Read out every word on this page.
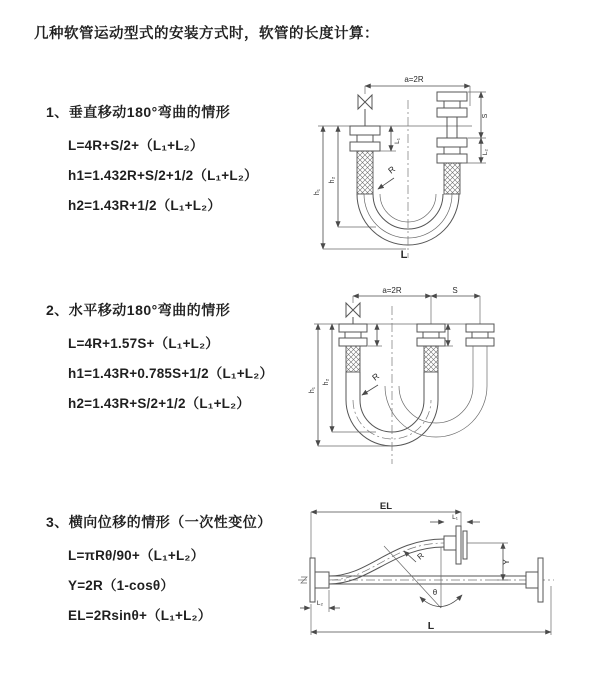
几种软管运动型式的安装方式时，软管的长度计算：
1、垂直移动180°弯曲的情形
L=4R+S/2+（L₁+L₂）
h1=1.432R+S/2+1/2（L₁+L₂）
h2=1.43R+1/2（L₁+L₂）
2、水平移动180°弯曲的情形
L=4R+1.57S+（L₁+L₂）
h1=1.43R+0.785S+1/2（L₁+L₂）
h2=1.43R+S/2+1/2（L₁+L₂）
3、横向位移的情形（一次性变位）
L=πRθ/90+（L₁+L₂）
Y=2R（1-cosθ）
EL=2Rsinθ+（L₁+L₂）
a=2R
L₁
S
L₂
h₁
h₂
R
L
a=2R	S
h₁
h₂	R
EL
L₁
Y
θ
R
L₂
L
